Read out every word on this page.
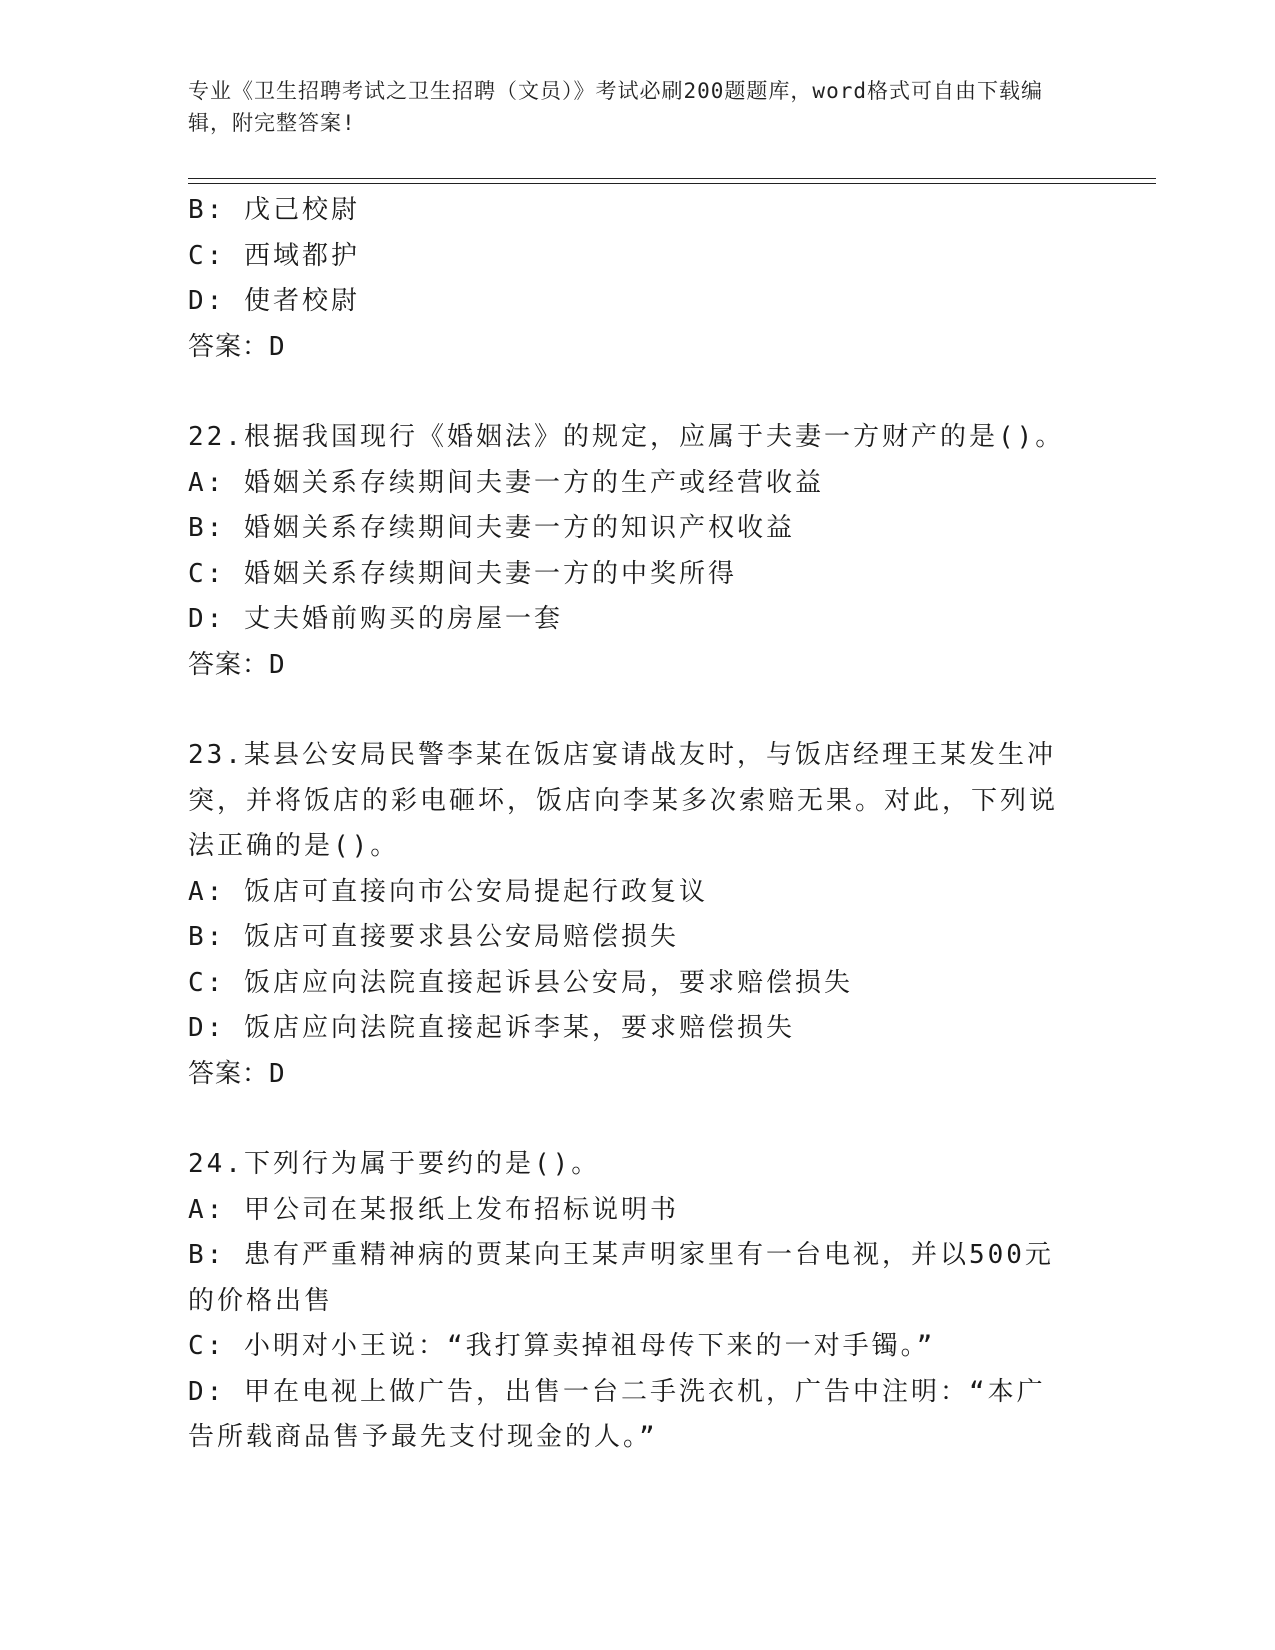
专业《卫生招聘考试之卫生招聘（文员）》考试必刷200题题库，word格式可自由下载编辑，附完整答案!

B: 戊己校尉

C: 西域都护

D: 使者校尉

答案：D

22.根据我国现行《婚姻法》的规定，应属于夫妻一方财产的是()。

A: 婚姻关系存续期间夫妻一方的生产或经营收益

B: 婚姻关系存续期间夫妻一方的知识产权收益

C: 婚姻关系存续期间夫妻一方的中奖所得

D: 丈夫婚前购买的房屋一套

答案：D

23.某县公安局民警李某在饭店宴请战友时，与饭店经理王某发生冲突，并将饭店的彩电砸坏，饭店向李某多次索赔无果。对此，下列说法正确的是()。

A: 饭店可直接向市公安局提起行政复议

B: 饭店可直接要求县公安局赔偿损失

C: 饭店应向法院直接起诉县公安局，要求赔偿损失

D: 饭店应向法院直接起诉李某，要求赔偿损失

答案：D

24.下列行为属于要约的是()。

A: 甲公司在某报纸上发布招标说明书

B: 患有严重精神病的贾某向王某声明家里有一台电视，并以500元的价格出售

C: 小明对小王说：“我打算卖掉祖母传下来的一对手镯。”

D: 甲在电视上做广告，出售一台二手洗衣机，广告中注明：“本广告所载商品售予最先支付现金的人。”
